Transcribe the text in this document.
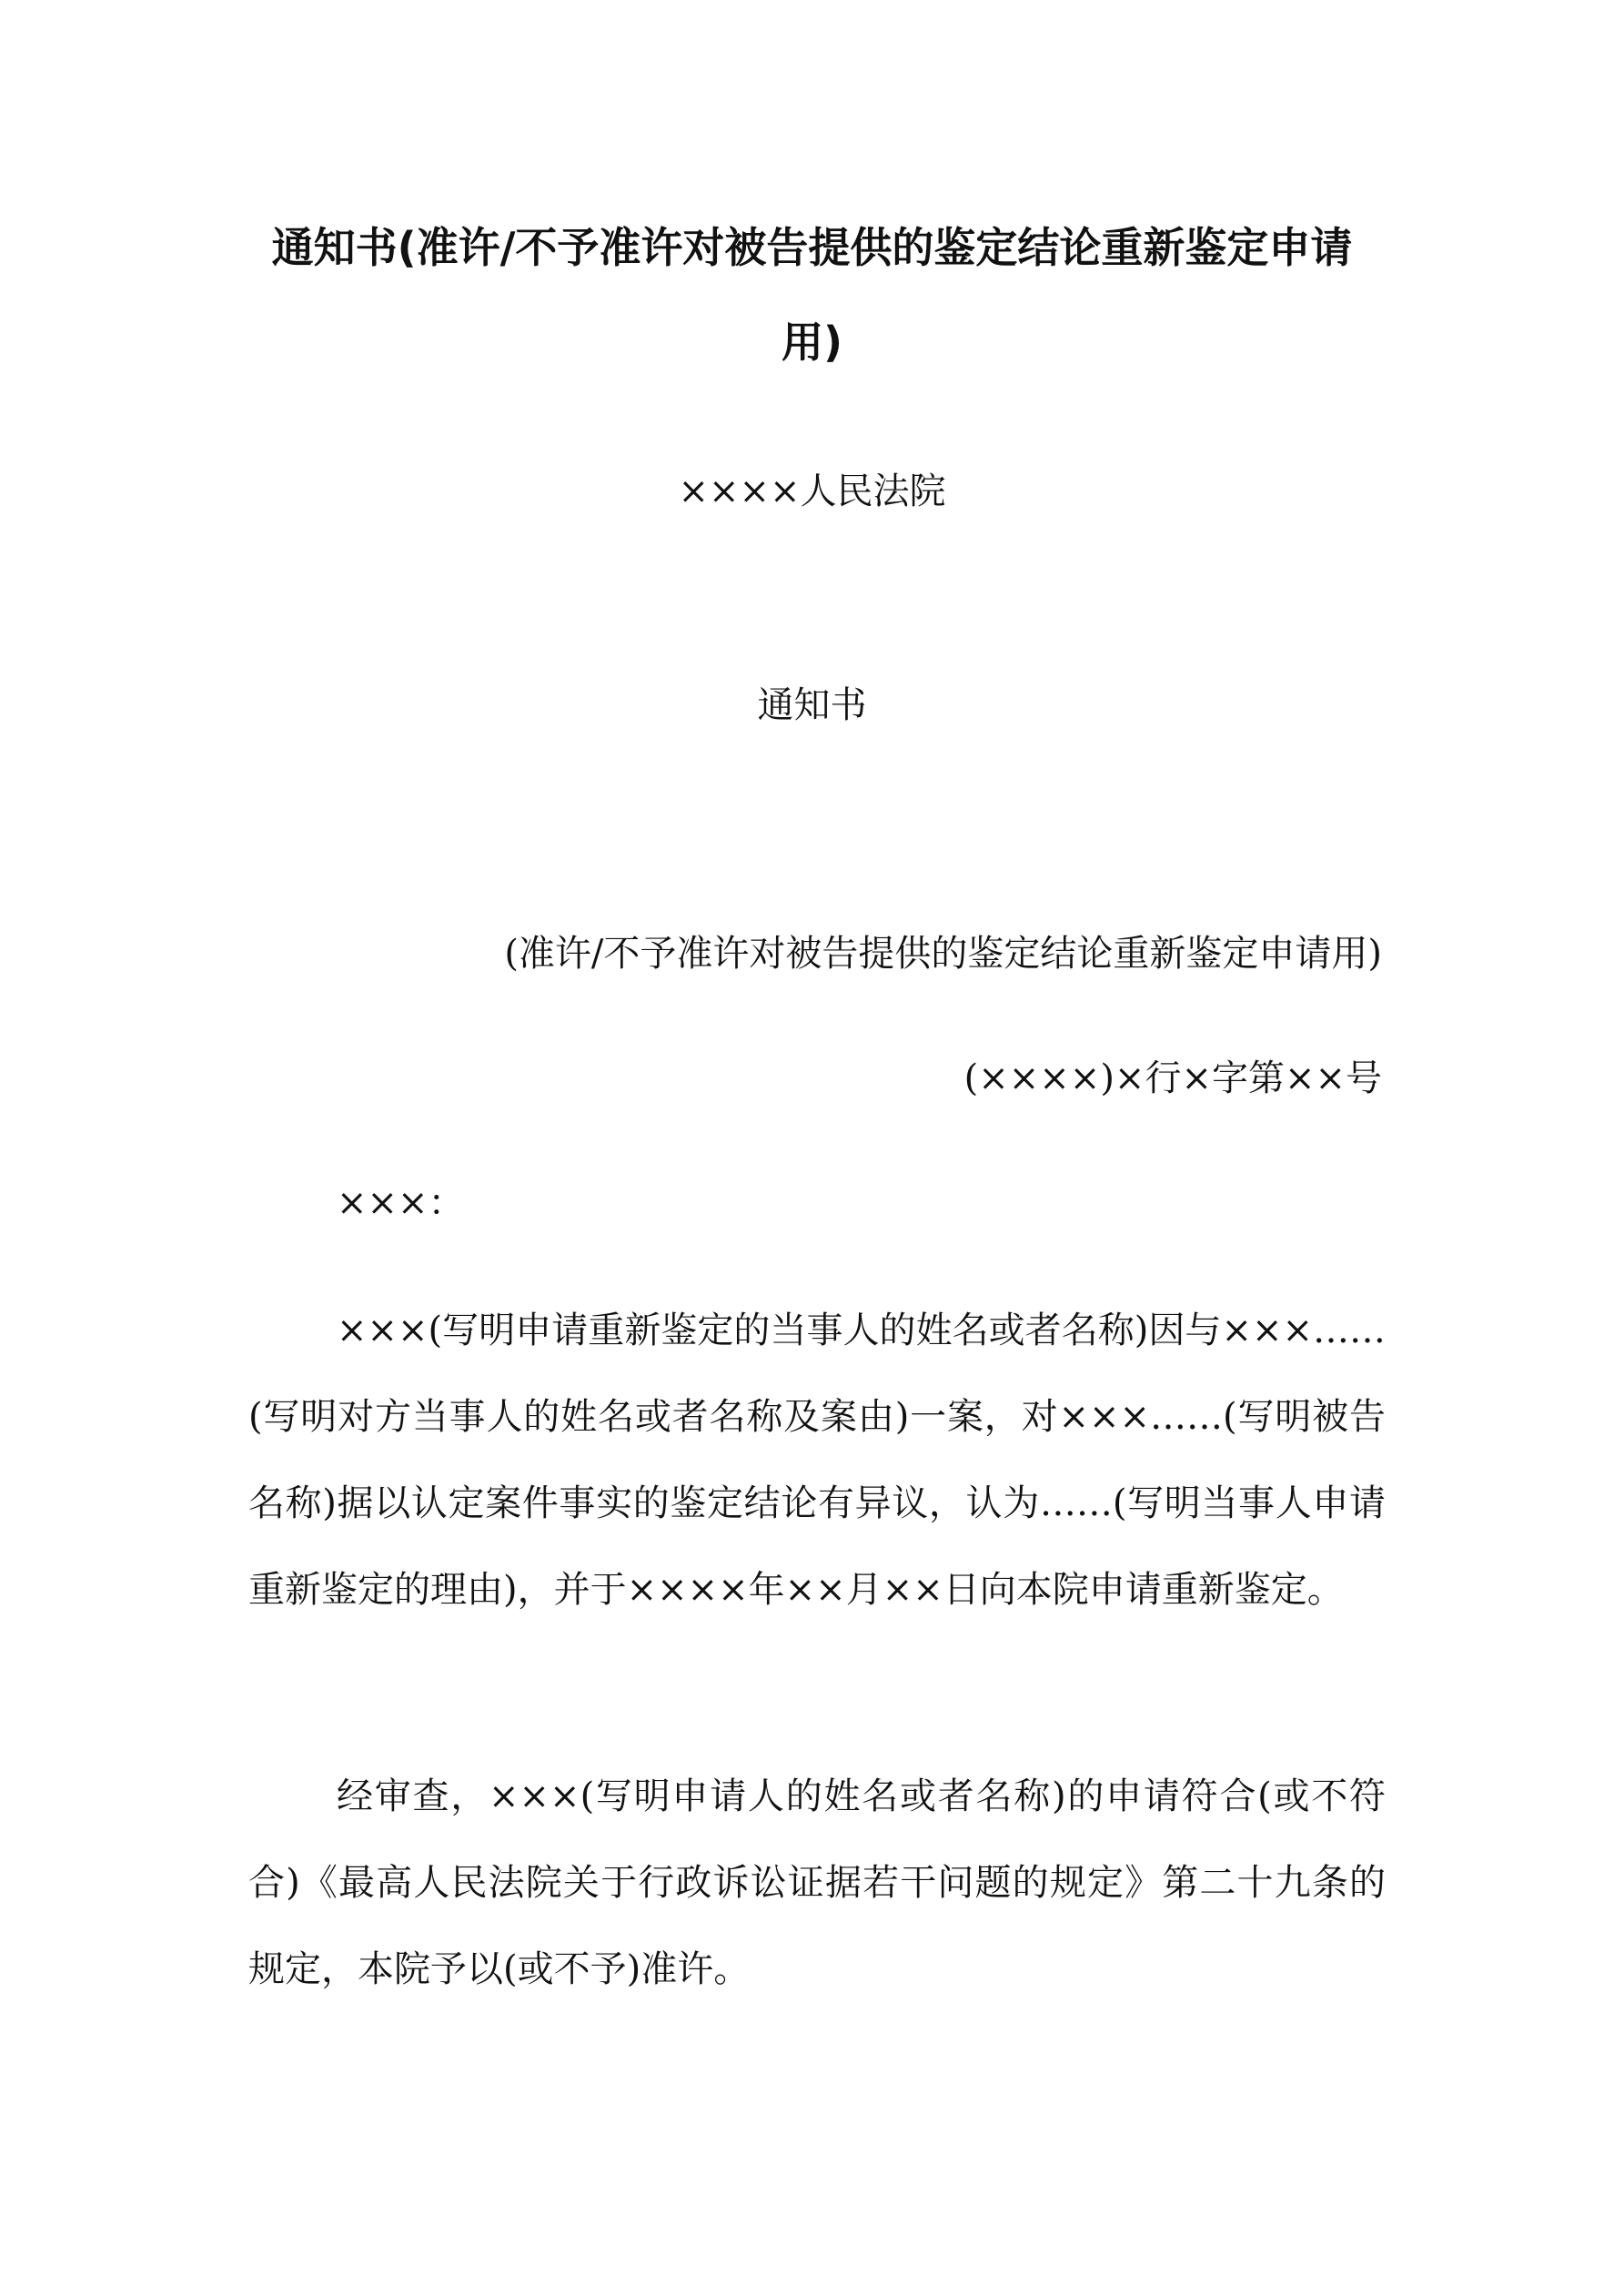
通知书(准许/不予准许对被告提供的鉴定结论重新鉴定申请用)

××××人民法院

通知书

(准许/不予准许对被告提供的鉴定结论重新鉴定申请用)

(××××)×行×字第××号

×××：

×××(写明申请重新鉴定的当事人的姓名或者名称)因与×××……(写明对方当事人的姓名或者名称及案由)一案，对×××……(写明被告名称)据以认定案件事实的鉴定结论有异议，认为……(写明当事人申请重新鉴定的理由)，并于××××年××月××日向本院申请重新鉴定。

经审查，×××(写明申请人的姓名或者名称)的申请符合(或不符合)《最高人民法院关于行政诉讼证据若干问题的规定》第二十九条的规定，本院予以(或不予)准许。
